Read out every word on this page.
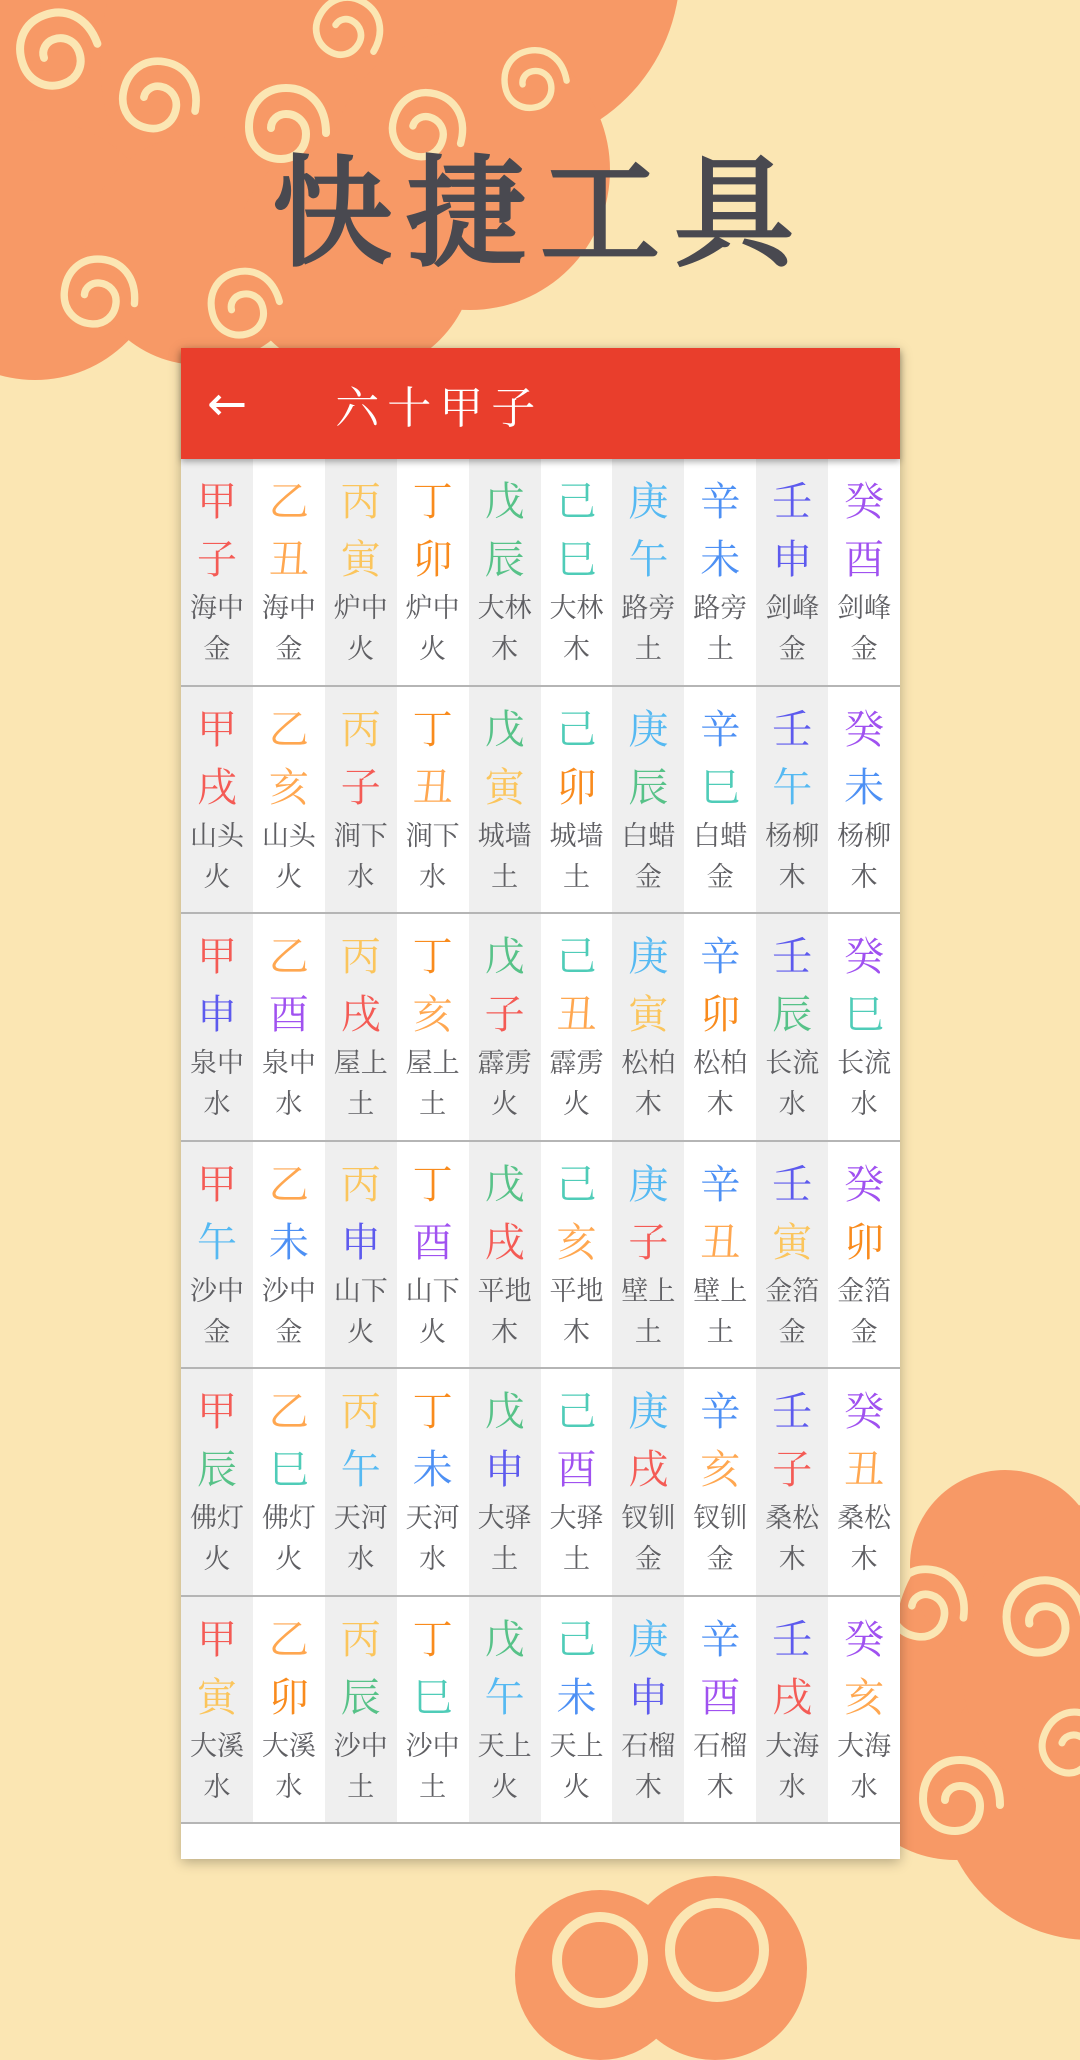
快捷工具
← 六十甲子
甲
子
海中
金
乙
丑
海中
金
丙
寅
炉中
火
丁
卯
炉中
火
戊
辰
大林
木
己
巳
大林
木
庚
午
路旁
土
辛
未
路旁
土
壬
申
剑峰
金
癸
酉
剑峰
金
甲
戌
山头
火
乙
亥
山头
火
丙
子
涧下
水
丁
丑
涧下
水
戊
寅
城墙
土
己
卯
城墙
土
庚
辰
白蜡
金
辛
巳
白蜡
金
壬
午
杨柳
木
癸
未
杨柳
木
甲
申
泉中
水
乙
酉
泉中
水
丙
戌
屋上
土
丁
亥
屋上
土
戊
子
霹雳
火
己
丑
霹雳
火
庚
寅
松柏
木
辛
卯
松柏
木
壬
辰
长流
水
癸
巳
长流
水
甲
午
沙中
金
乙
未
沙中
金
丙
申
山下
火
丁
酉
山下
火
戊
戌
平地
木
己
亥
平地
木
庚
子
壁上
土
辛
丑
壁上
土
壬
寅
金箔
金
癸
卯
金箔
金
甲
辰
佛灯
火
乙
巳
佛灯
火
丙
午
天河
水
丁
未
天河
水
戊
申
大驿
土
己
酉
大驿
土
庚
戌
钗钏
金
辛
亥
钗钏
金
壬
子
桑松
木
癸
丑
桑松
木
甲
寅
大溪
水
乙
卯
大溪
水
丙
辰
沙中
土
丁
巳
沙中
土
戊
午
天上
火
己
未
天上
火
庚
申
石榴
木
辛
酉
石榴
木
壬
戌
大海
水
癸
亥
大海
水
